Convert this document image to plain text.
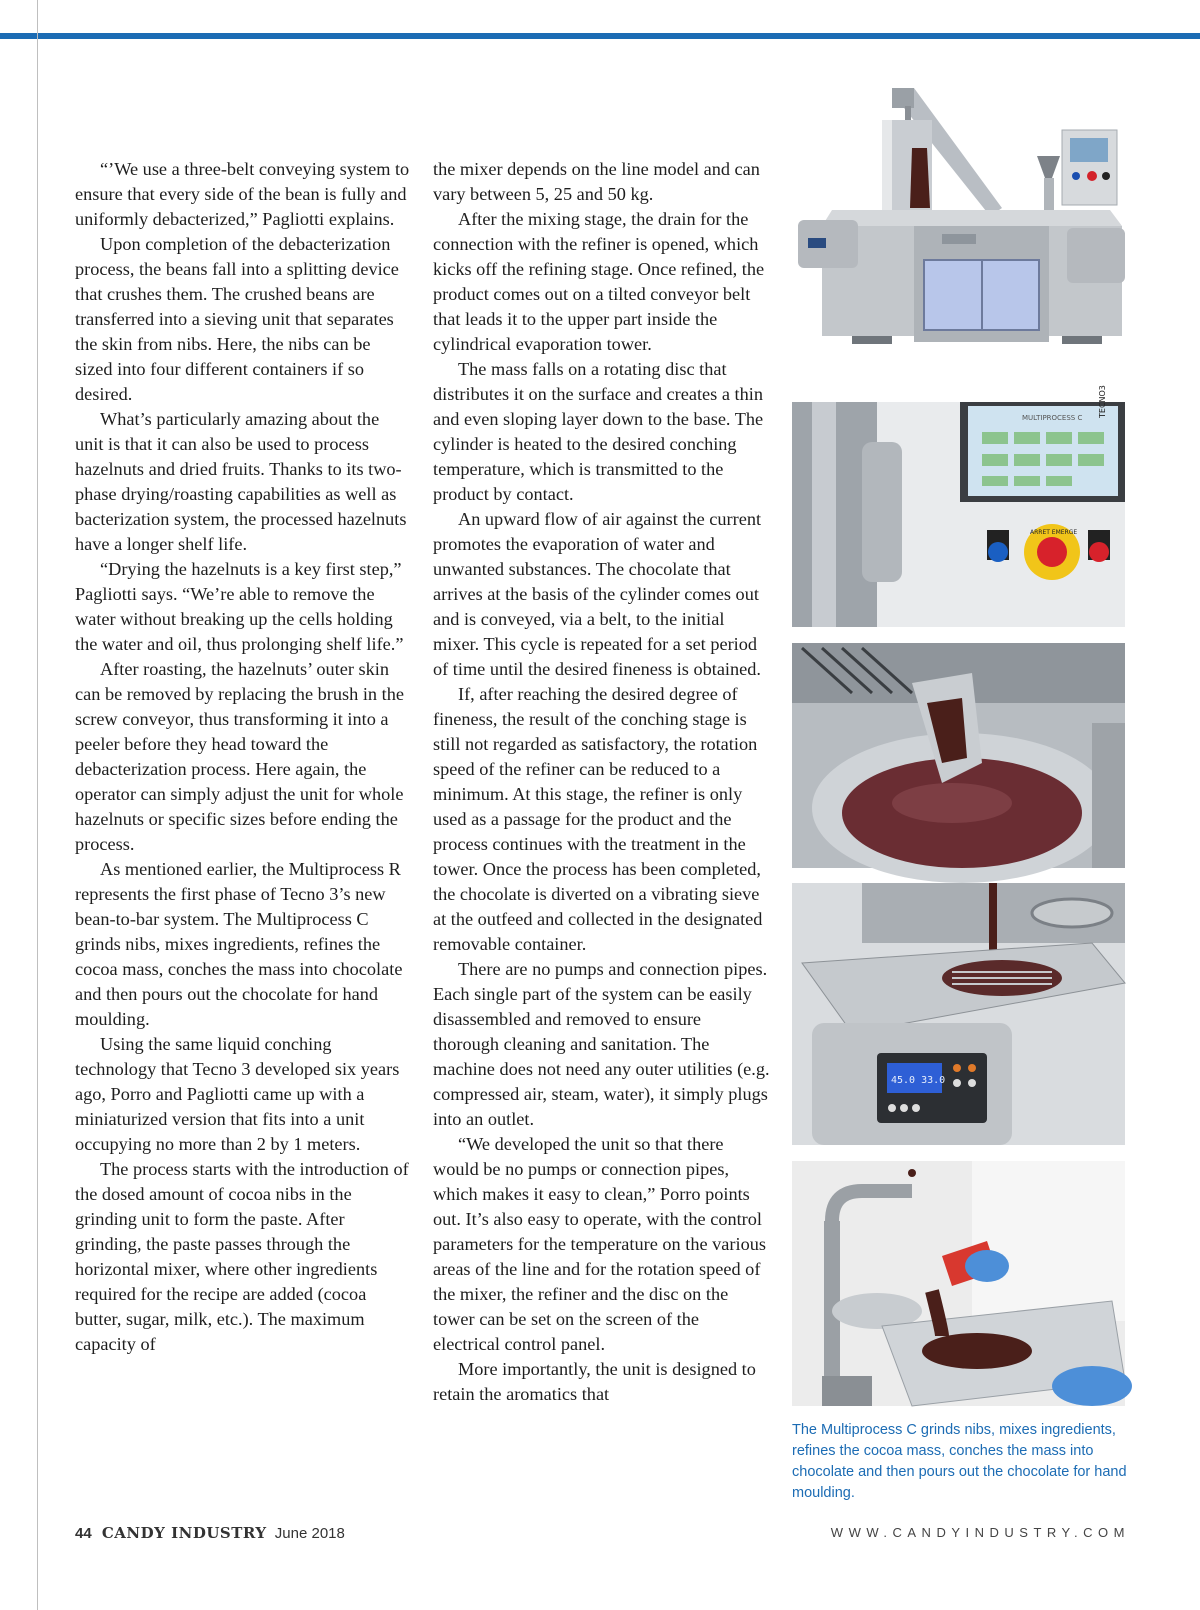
“’We use a three-belt conveying system to ensure that every side of the bean is fully and uniformly debacterized,” Pagliotti explains.

Upon completion of the debacterization process, the beans fall into a splitting device that crushes them. The crushed beans are transferred into a sieving unit that separates the skin from nibs. Here, the nibs can be sized into four different containers if so desired.

What’s particularly amazing about the unit is that it can also be used to process hazelnuts and dried fruits. Thanks to its two-phase drying/roasting capabilities as well as bacterization system, the processed hazelnuts have a longer shelf life.

“Drying the hazelnuts is a key first step,” Pagliotti says. “We’re able to remove the water without breaking up the cells holding the water and oil, thus prolonging shelf life.”

After roasting, the hazelnuts’ outer skin can be removed by replacing the brush in the screw conveyor, thus transforming it into a peeler before they head toward the debacterization process. Here again, the operator can simply adjust the unit for whole hazelnuts or specific sizes before ending the process.

As mentioned earlier, the Multiprocess R represents the first phase of Tecno 3’s new bean-to-bar system. The Multiprocess C grinds nibs, mixes ingredients, refines the cocoa mass, conches the mass into chocolate and then pours out the chocolate for hand moulding.

Using the same liquid conching technology that Tecno 3 developed six years ago, Porro and Pagliotti came up with a miniaturized version that fits into a unit occupying no more than 2 by 1 meters.

The process starts with the introduction of the dosed amount of cocoa nibs in the grinding unit to form the paste. After grinding, the paste passes through the horizontal mixer, where other ingredients required for the recipe are added (cocoa butter, sugar, milk, etc.). The maximum capacity of

the mixer depends on the line model and can vary between 5, 25 and 50 kg.

After the mixing stage, the drain for the connection with the refiner is opened, which kicks off the refining stage. Once refined, the product comes out on a tilted conveyor belt that leads it to the upper part inside the cylindrical evaporation tower.

The mass falls on a rotating disc that distributes it on the surface and creates a thin and even sloping layer down to the base. The cylinder is heated to the desired conching temperature, which is transmitted to the product by contact.

An upward flow of air against the current promotes the evaporation of water and unwanted substances. The chocolate that arrives at the basis of the cylinder comes out and is conveyed, via a belt, to the initial mixer. This cycle is repeated for a set period of time until the desired fineness is obtained.

If, after reaching the desired degree of fineness, the result of the conching stage is still not regarded as satisfactory, the rotation speed of the refiner can be reduced to a minimum. At this stage, the refiner is only used as a passage for the product and the process continues with the treatment in the tower. Once the process has been completed, the chocolate is diverted on a vibrating sieve at the outfeed and collected in the designated removable container.

There are no pumps and connection pipes. Each single part of the system can be easily disassembled and removed to ensure thorough cleaning and sanitation. The machine does not need any outer utilities (e.g. compressed air, steam, water), it simply plugs into an outlet.

“We developed the unit so that there would be no pumps or connection pipes, which makes it easy to clean,” Porro points out. It’s also easy to operate, with the control parameters for the temperature on the various areas of the line and for the rotation speed of the mixer, the refiner and the disc on the tower can be set on the screen of the electrical control panel.

More importantly, the unit is designed to retain the aromatics that

MULTIPROCESS C TECNO3
ARRET EMERGE
45.0 33.0
The Multiprocess C grinds nibs, mixes ingredients, refines the cocoa mass, conches the mass into chocolate and then pours out the chocolate for hand moulding.
44 CANDY INDUSTRY June 2018	WWW.CANDYINDUSTRY.COM
